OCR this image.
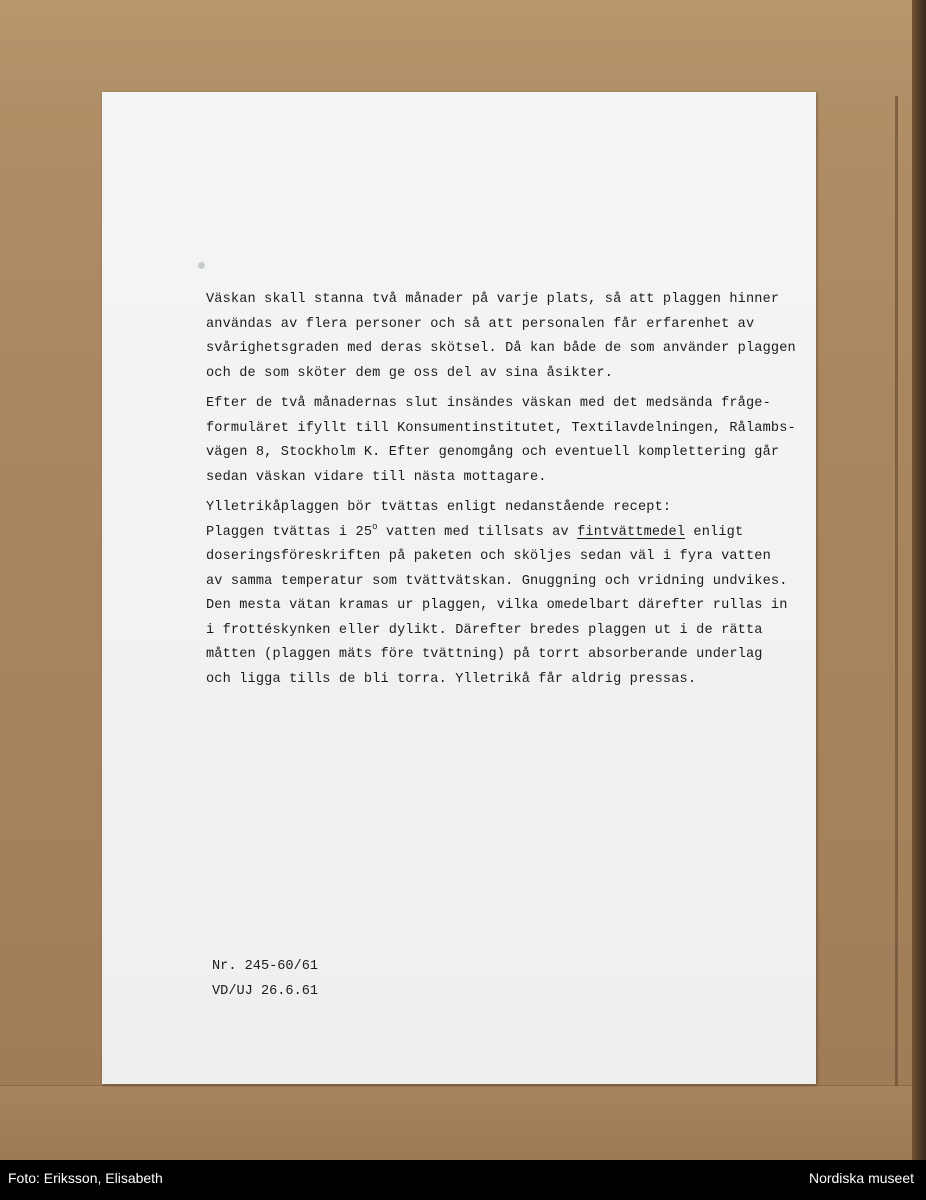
Väskan skall stanna två månader på varje plats, så att plaggen hinner
användas av flera personer och så att personalen får erfarenhet av
svårighetsgraden med deras skötsel. Då kan både de som använder plaggen
och de som sköter dem ge oss del av sina åsikter.
Efter de två månadernas slut insändes väskan med det medsända fråge-
formuläret ifyllt till Konsumentinstitutet, Textilavdelningen, Rålambs-
vägen 8, Stockholm K. Efter genomgång och eventuell komplettering går
sedan väskan vidare till nästa mottagare.
Ylletrikåplaggen bör tvättas enligt nedanstående recept:
Plaggen tvättas i 25$^o$ vatten med tillsats av fintvättmedel enligt
doseringsföreskriften på paketen och sköljes sedan väl i fyra vatten
av samma temperatur som tvättvätskan. Gnuggning och vridning undvikes.
Den mesta vätan kramas ur plaggen, vilka omedelbart därefter rullas in
i frottéskynken eller dylikt. Därefter bredes plaggen ut i de rätta
måtten (plaggen mäts före tvättning) på torrt absorberande underlag
och ligga tills de bli torra. Ylletrikå får aldrig pressas.
Nr. 245-60/61
VD/UJ 26.6.61
Foto: Eriksson, Elisabeth	Nordiska museet
